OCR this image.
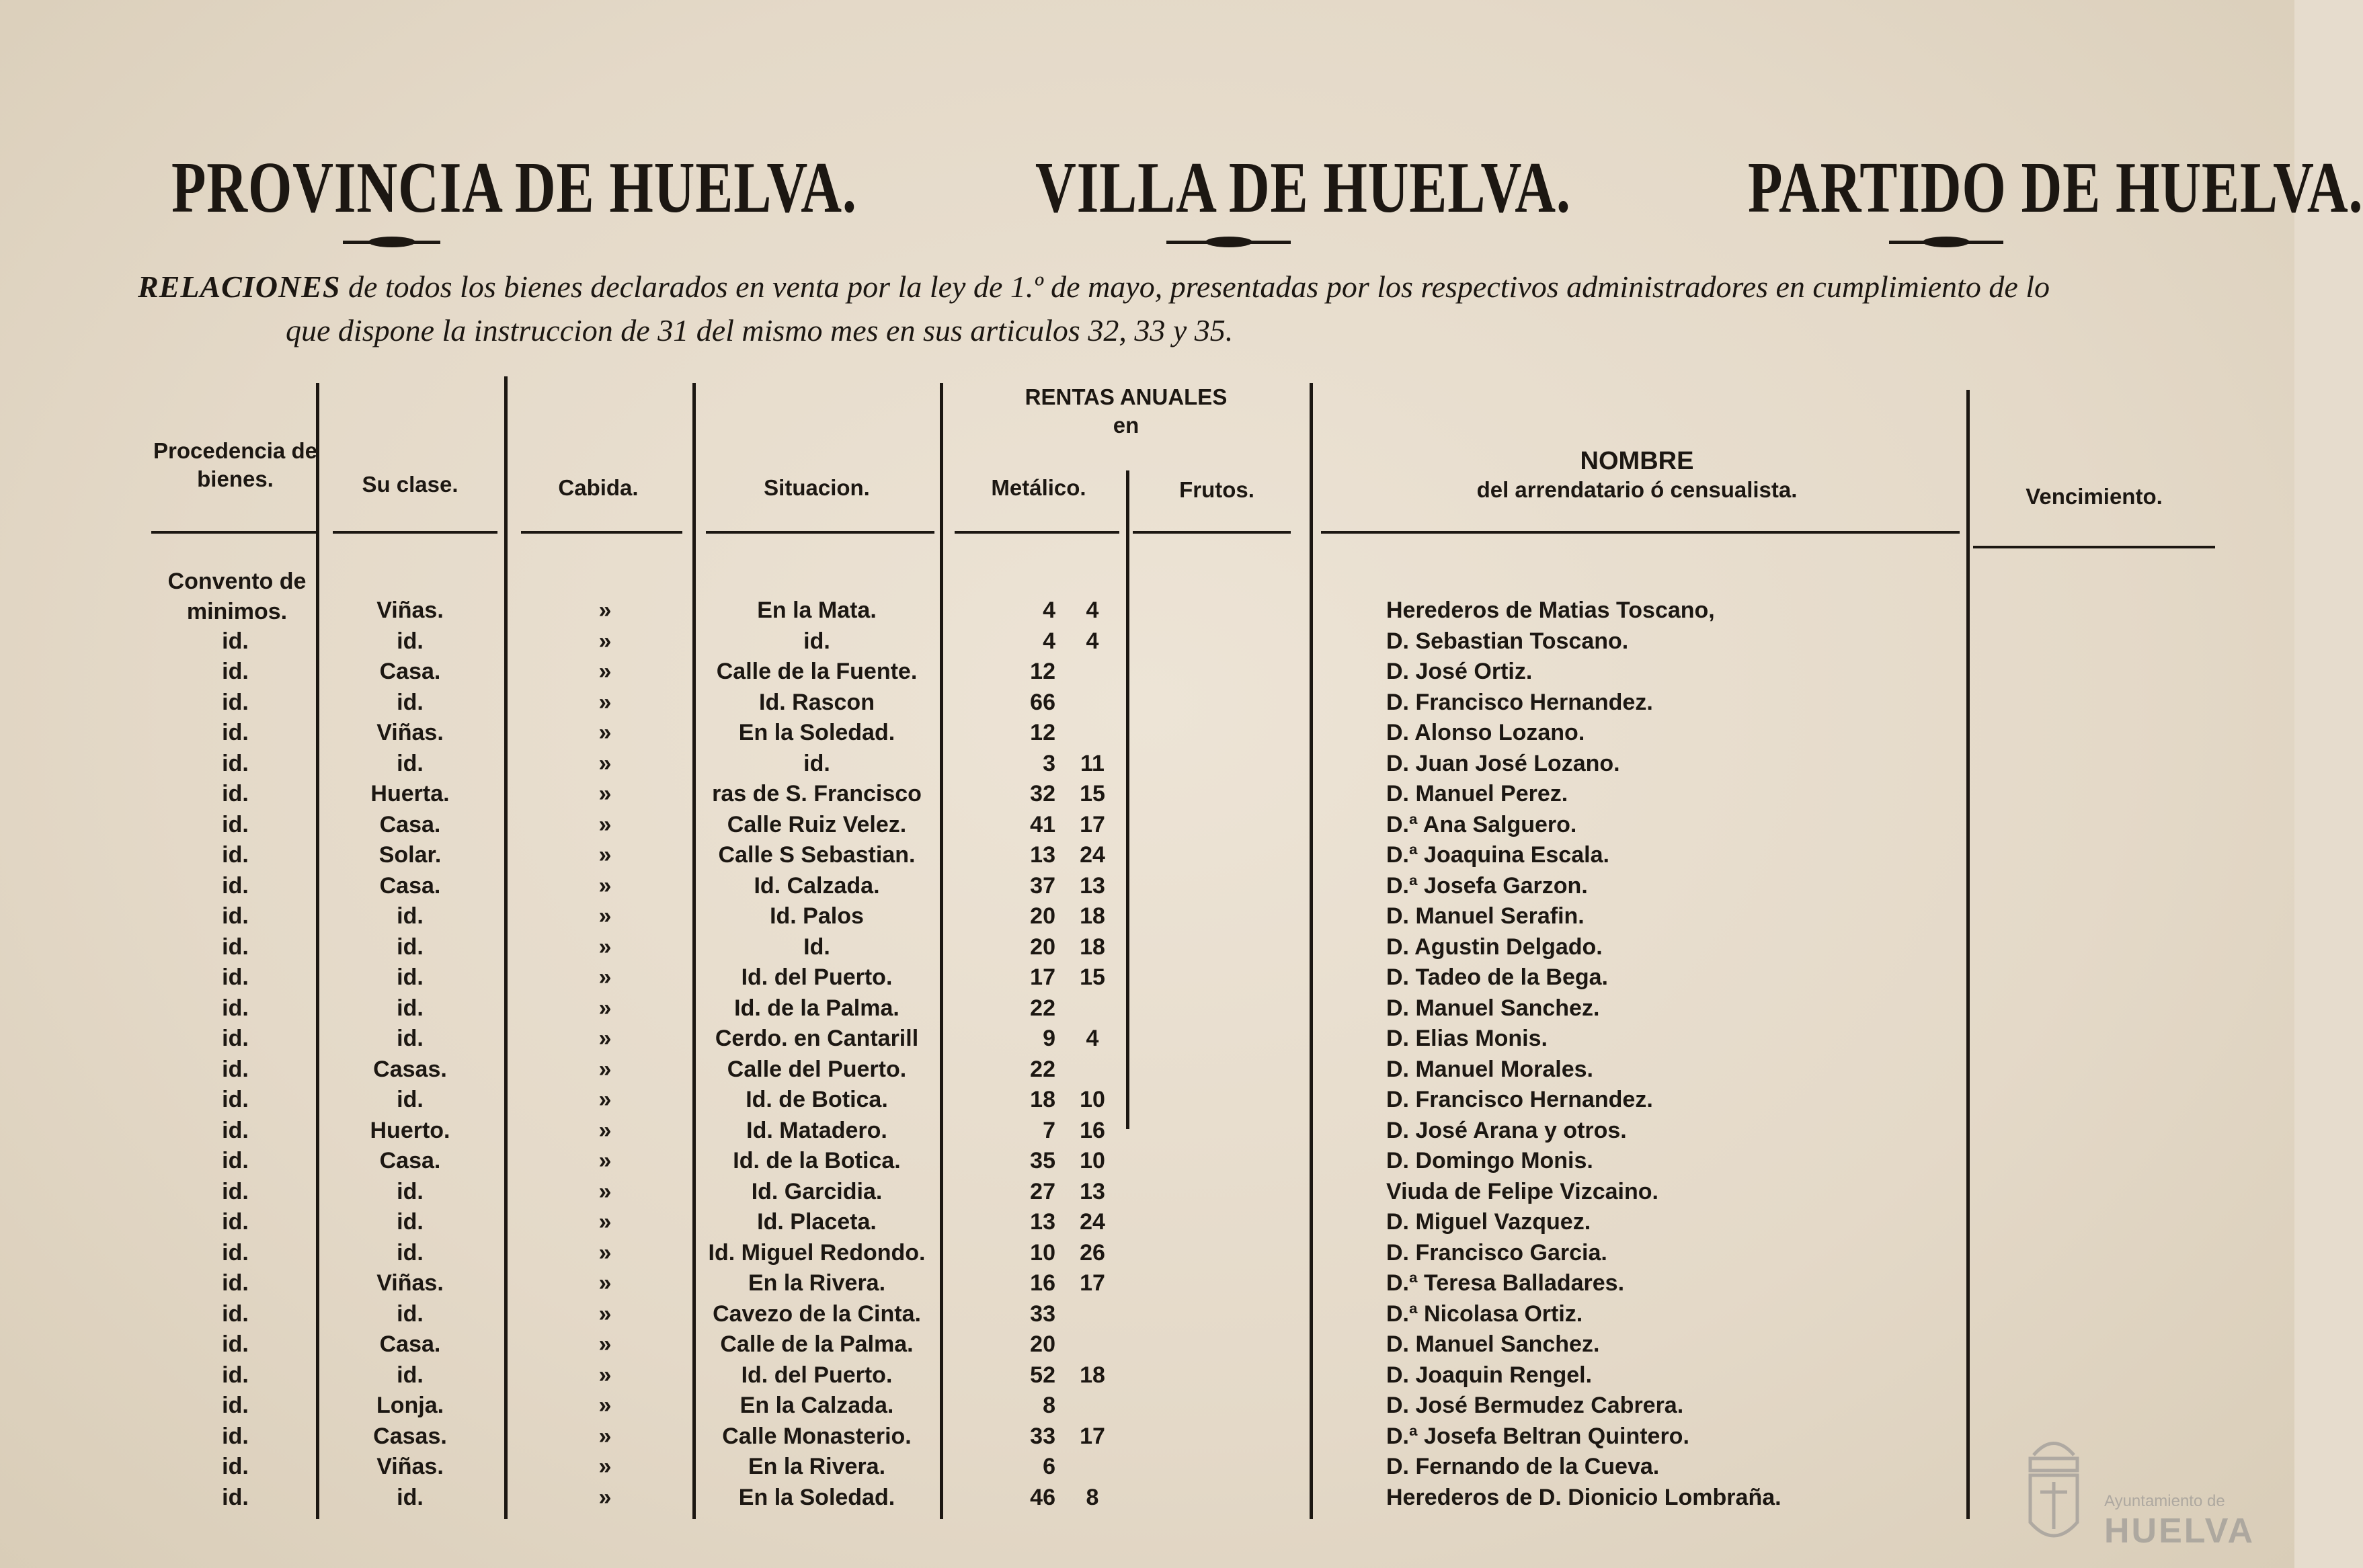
PROVINCIA DE HUELVA. VILLA DE HUELVA. PARTIDO DE HUELVA.
RELACIONES de todos los bienes declarados en venta por la ley de 1.º de mayo, presentadas por los respectivos administradores en cumplimiento de lo
que dispone la instruccion de 31 del mismo mes en sus articulos 32, 33 y 35.
Procedencia de
bienes.	Su clase.	Cabida.	Situacion.
RENTAS ANUALES
en
Metálico.	Frutos.
NOMBRE
del arrendatario ó censualista.	Vencimiento.
Convento de
minimos.	Viñas.	»	En la Mata.	4	4	Herederos de Matias Toscano,
id.	id.	»	id.	4	4	D. Sebastian Toscano.
id.	Casa.	»	Calle de la Fuente.	12	D. José Ortiz.
id.	id.	»	Id. Rascon	66	D. Francisco Hernandez.
id.	Viñas.	»	En la Soledad.	12	D. Alonso Lozano.
id.	id.	»	id.	3	11	D. Juan José Lozano.
id.	Huerta.	»	ras de S. Francisco	32	15	D. Manuel Perez.
id.	Casa.	»	Calle Ruiz Velez.	41	17	D.ª Ana Salguero.
id.	Solar.	»	Calle S Sebastian.	13	24	D.ª Joaquina Escala.
id.	Casa.	»	Id. Calzada.	37	13	D.ª Josefa Garzon.
id.	id.	»	Id. Palos	20	18	D. Manuel Serafin.
id.	id.	»	Id.	20	18	D. Agustin Delgado.
id.	id.	»	Id. del Puerto.	17	15	D. Tadeo de la Bega.
id.	id.	»	Id. de la Palma.	22	D. Manuel Sanchez.
id.	id.	»	Cerdo. en Cantarill	9	4	D. Elias Monis.
id.	Casas.	»	Calle del Puerto.	22	D. Manuel Morales.
id.	id.	»	Id. de Botica.	18	10	D. Francisco Hernandez.
id.	Huerto.	»	Id. Matadero.	7	16	D. José Arana y otros.
id.	Casa.	»	Id. de la Botica.	35	10	D. Domingo Monis.
id.	id.	»	Id. Garcidia.	27	13	Viuda de Felipe Vizcaino.
id.	id.	»	Id. Placeta.	13	24	D. Miguel Vazquez.
id.	id.	»	Id. Miguel Redondo.	10	26	D. Francisco Garcia.
id.	Viñas.	»	En la Rivera.	16	17	D.ª Teresa Balladares.
id.	id.	»	Cavezo de la Cinta.	33	D.ª Nicolasa Ortiz.
id.	Casa.	»	Calle de la Palma.	20	D. Manuel Sanchez.
id.	id.	»	Id. del Puerto.	52	18	D. Joaquin Rengel.
id.	Lonja.	»	En la Calzada.	8	D. José Bermudez Cabrera.
id.	Casas.	»	Calle Monasterio.	33	17	D.ª Josefa Beltran Quintero.
id.	Viñas.	»	En la Rivera.	6	D. Fernando de la Cueva.
id.	id.	»	En la Soledad.	46	8	Herederos de D. Dionicio Lombraña.	Ayuntamiento de
HUELVA
